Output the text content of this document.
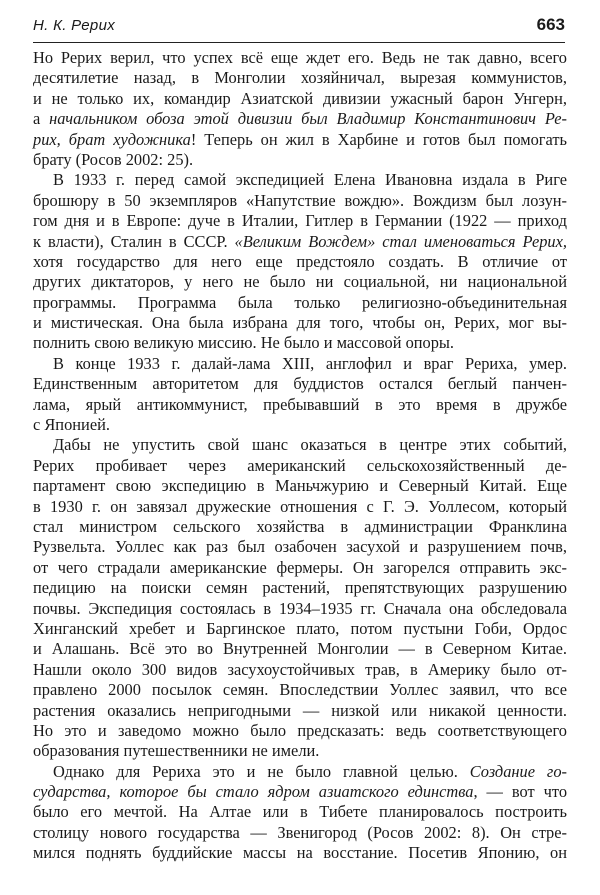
Н. К. Рерих	663
Но Рерих верил, что успех всё еще ждет его. Ведь не так давно, всего
десятилетие назад, в Монголии хозяйничал, вырезая коммунистов,
и не только их, командир Азиатской дивизии ужасный барон Унгерн,
а начальником обоза этой дивизии был Владимир Константинович Ре-
рих, брат художника! Теперь он жил в Харбине и готов был помогать
брату (Росов 2002: 25).
В 1933 г. перед самой экспедицией Елена Ивановна издала в Риге
брошюру в 50 экземпляров «Напутствие вождю». Вождизм был лозун-
гом дня и в Европе: дуче в Италии, Гитлер в Германии (1922 — приход
к власти), Сталин в СССР. «Великим Вождем» стал именоваться Рерих,
хотя государство для него еще предстояло создать. В отличие от
других диктаторов, у него не было ни социальной, ни национальной
программы. Программа была только религиозно-объединительная
и мистическая. Она была избрана для того, чтобы он, Рерих, мог вы-
полнить свою великую миссию. Не было и массовой опоры.
В конце 1933 г. далай-лама XIII, англофил и враг Рериха, умер.
Единственным авторитетом для буддистов остался беглый панчен-
лама, ярый антикоммунист, пребывавший в это время в дружбе
с Японией.
Дабы не упустить свой шанс оказаться в центре этих событий,
Рерих пробивает через американский сельскохозяйственный де-
партамент свою экспедицию в Маньчжурию и Северный Китай. Еще
в 1930 г. он завязал дружеские отношения с Г. Э. Уоллесом, который
стал министром сельского хозяйства в администрации Франклина
Рузвельта. Уоллес как раз был озабочен засухой и разрушением почв,
от чего страдали американские фермеры. Он загорелся отправить экс-
педицию на поиски семян растений, препятствующих разрушению
почвы. Экспедиция состоялась в 1934–1935 гг. Сначала она обследовала
Хинганский хребет и Баргинское плато, потом пустыни Гоби, Ордос
и Алашань. Всё это во Внутренней Монголии — в Северном Китае.
Нашли около 300 видов засухоустойчивых трав, в Америку было от-
правлено 2000 посылок семян. Впоследствии Уоллес заявил, что все
растения оказались непригодными — низкой или никакой ценности.
Но это и заведомо можно было предсказать: ведь соответствующего
образования путешественники не имели.
Однако для Рериха это и не было главной целью. Создание го-
сударства, которое бы стало ядром азиатского единства, — вот что
было его мечтой. На Алтае или в Тибете планировалось построить
столицу нового государства — Звенигород (Росов 2002: 8). Он стре-
мился поднять буддийские массы на восстание. Посетив Японию, он
